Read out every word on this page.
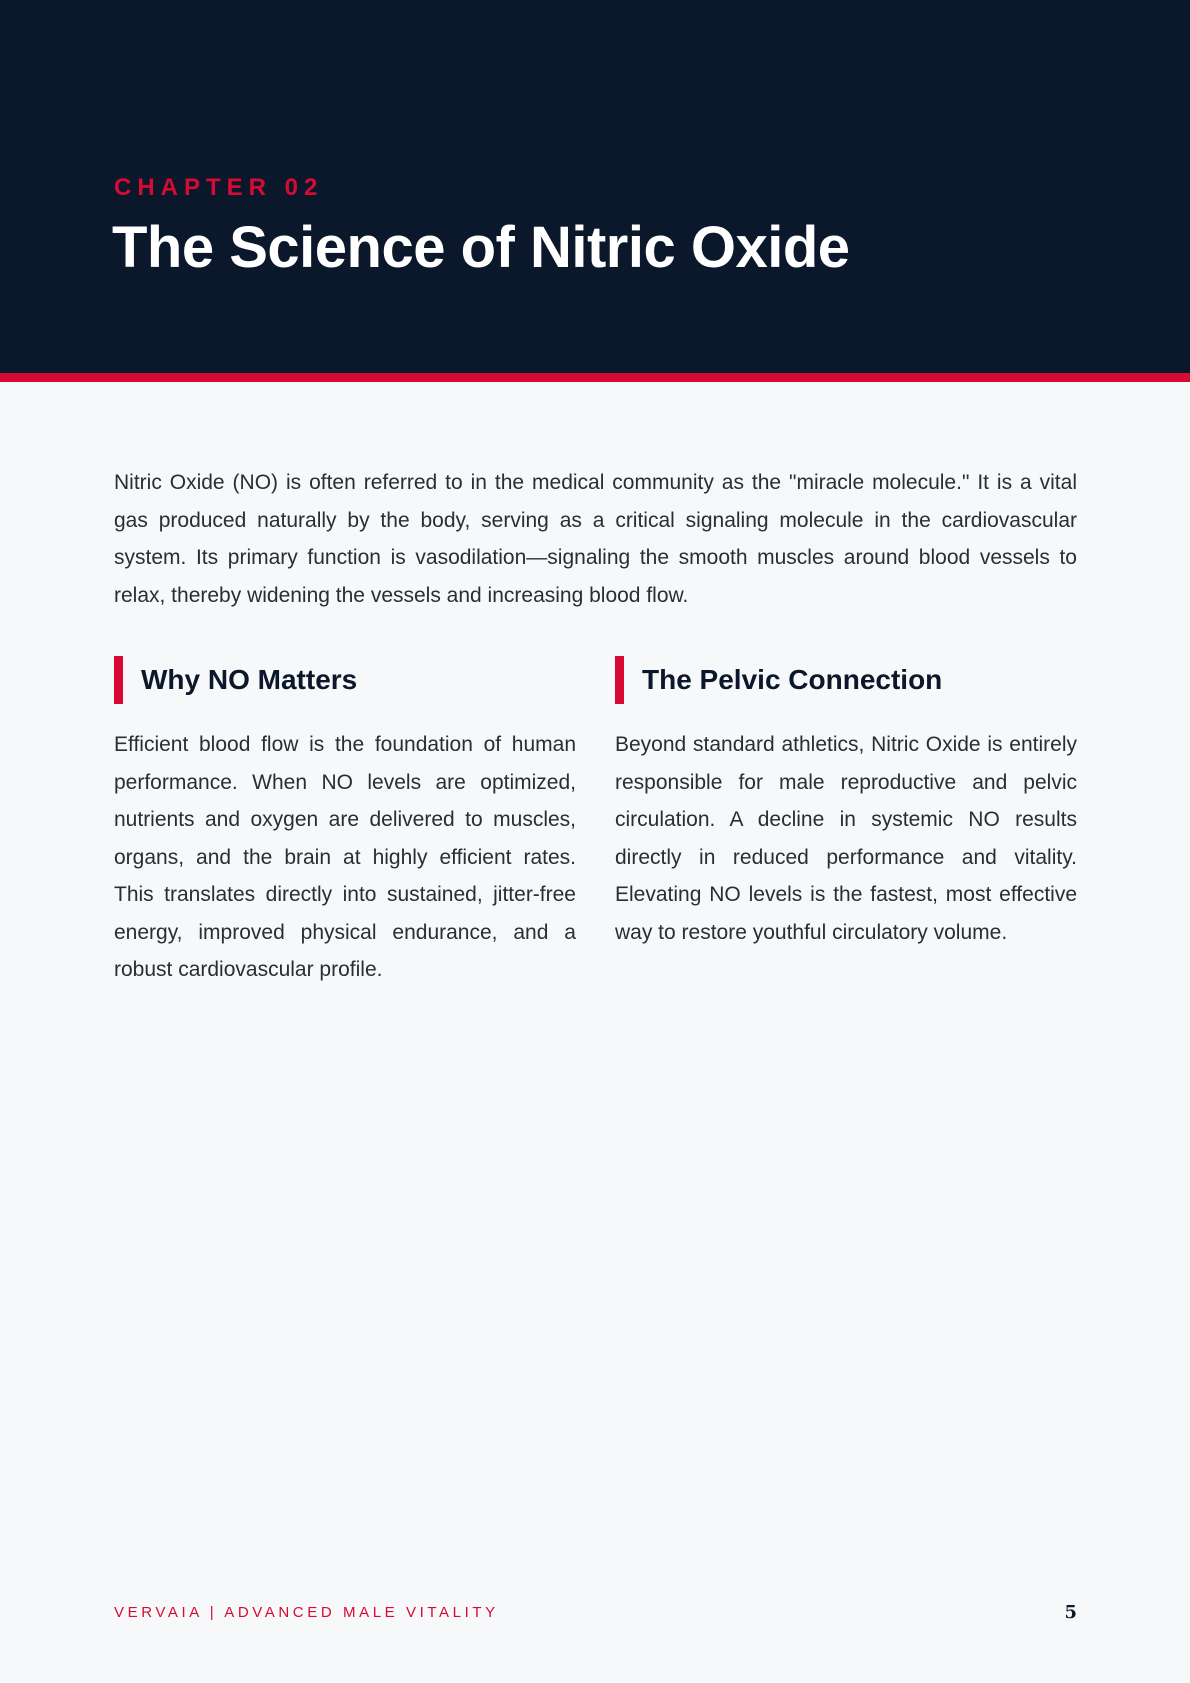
CHAPTER 02
The Science of Nitric Oxide

Nitric Oxide (NO) is often referred to in the medical community as the "miracle molecule." It is a vital gas produced naturally by the body, serving as a critical signaling molecule in the cardiovascular system. Its primary function is vasodilation—signaling the smooth muscles around blood vessels to relax, thereby widening the vessels and increasing blood flow.

Why NO Matters

Efficient blood flow is the foundation of human performance. When NO levels are optimized, nutrients and oxygen are delivered to muscles, organs, and the brain at highly efficient rates. This translates directly into sustained, jitter-free energy, improved physical endurance, and a robust cardiovascular profile.

The Pelvic Connection

Beyond standard athletics, Nitric Oxide is entirely responsible for male reproductive and pelvic circulation. A decline in systemic NO results directly in reduced performance and vitality. Elevating NO levels is the fastest, most effective way to restore youthful circulatory volume.

VERVAIA | ADVANCED MALE VITALITY	5
